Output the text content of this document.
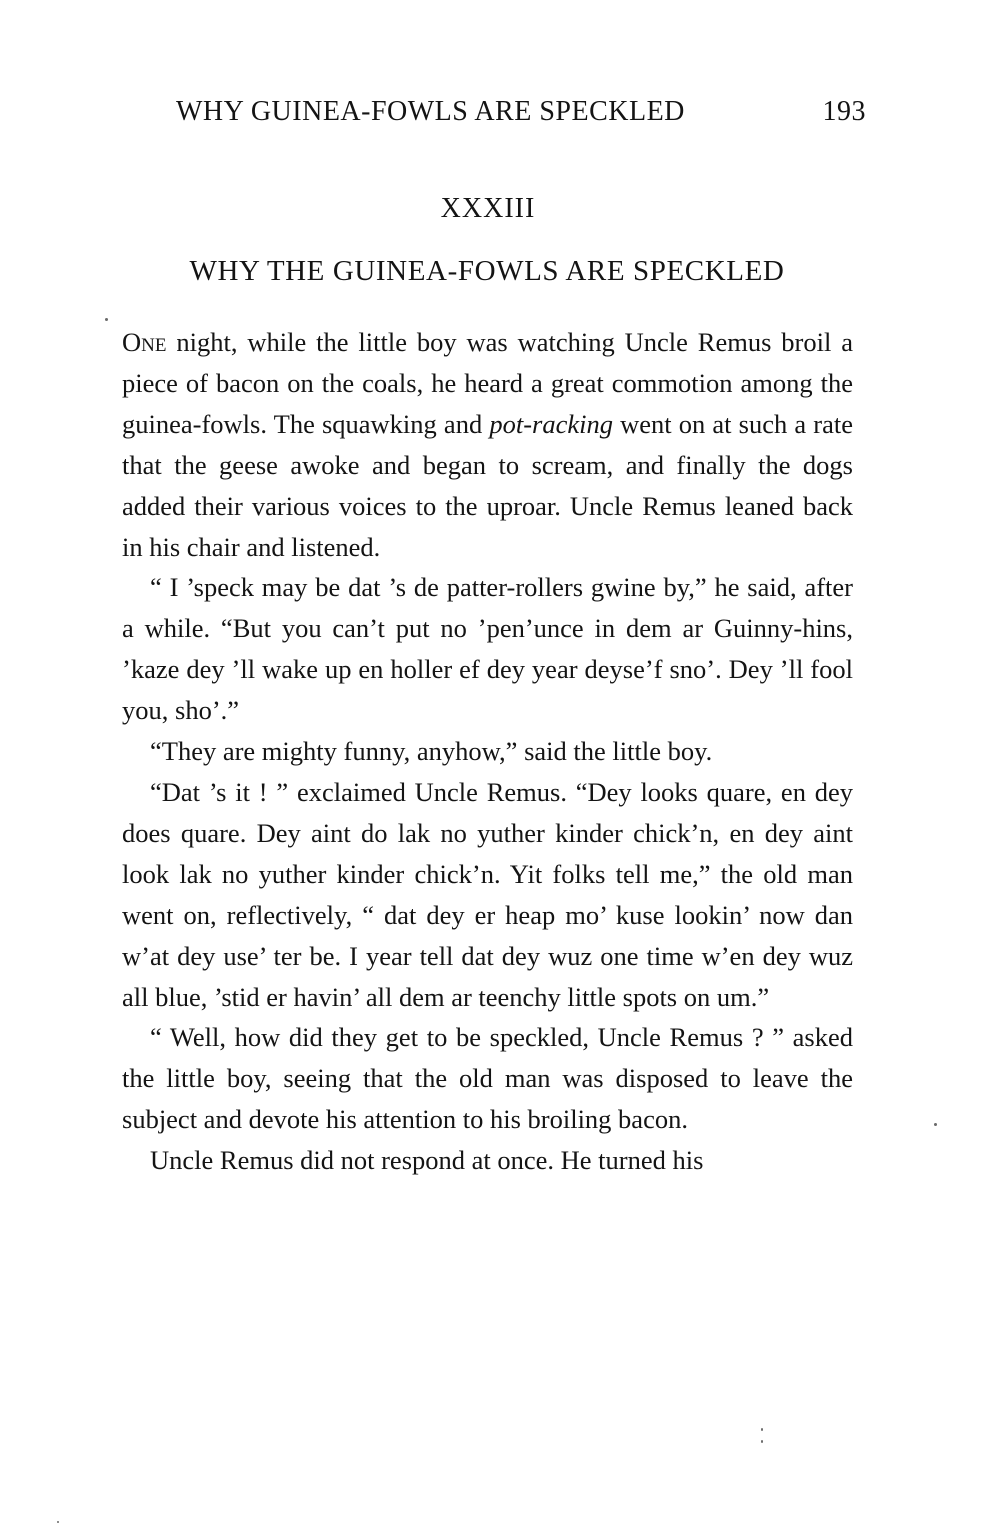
WHY GUINEA-FOWLS ARE SPECKLED	193
XXXIII
WHY THE GUINEA-FOWLS ARE SPECKLED

One night, while the little boy was watching Uncle Remus broil a piece of bacon on the coals, he heard a great commotion among the guinea-fowls. The squawking and pot-racking went on at such a rate that the geese awoke and began to scream, and finally the dogs added their various voices to the uproar. Uncle Remus leaned back in his chair and listened.

“ I ’speck may be dat ’s de patter-rollers gwine by,” he said, after a while. “But you can’t put no ’pen’unce in dem ar Guinny-hins, ’kaze dey ’ll wake up en holler ef dey year deyse’f sno’. Dey ’ll fool you, sho’.”

“They are mighty funny, anyhow,” said the little boy.

“Dat ’s it ! ” exclaimed Uncle Remus. “Dey looks quare, en dey does quare. Dey aint do lak no yuther kinder chick’n, en dey aint look lak no yuther kinder chick’n. Yit folks tell me,” the old man went on, reflectively, “ dat dey er heap mo’ kuse lookin’ now dan w’at dey use’ ter be. I year tell dat dey wuz one time w’en dey wuz all blue, ’stid er havin’ all dem ar teenchy little spots on um.”

“ Well, how did they get to be speckled, Uncle Remus ? ” asked the little boy, seeing that the old man was disposed to leave the subject and devote his attention to his broiling bacon.

Uncle Remus did not respond at once. He turned his
